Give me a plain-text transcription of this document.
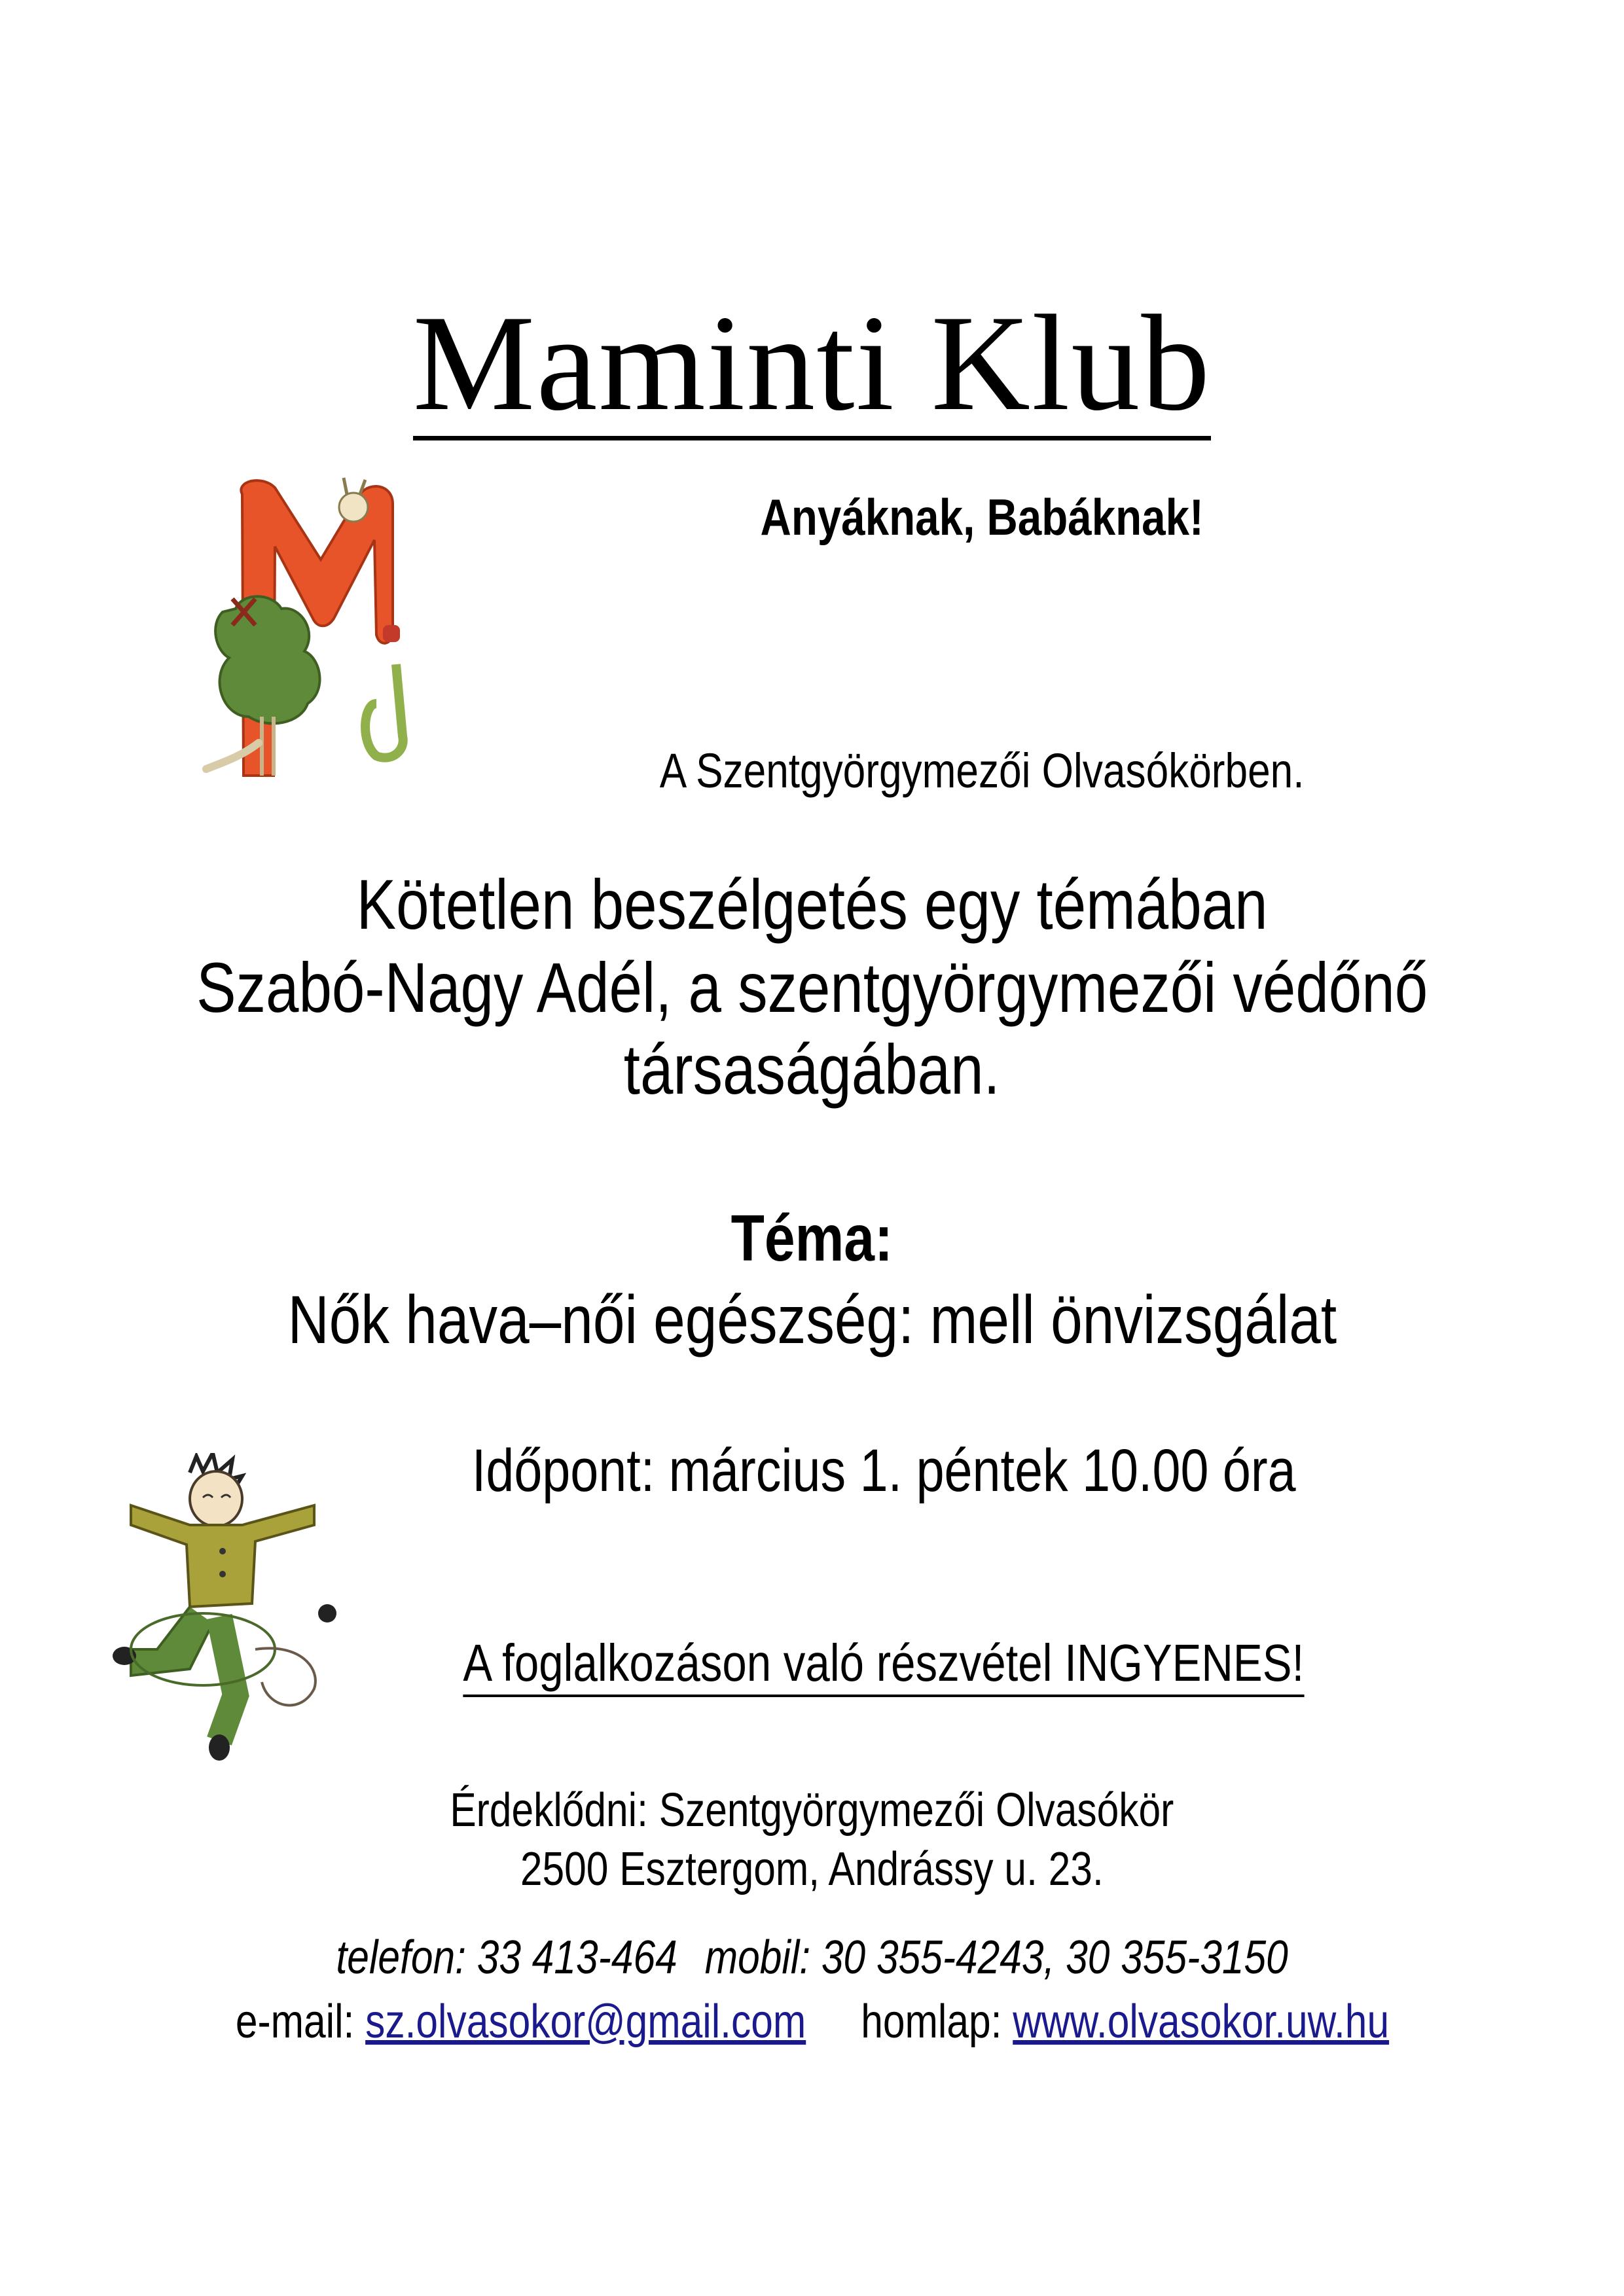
Maminti Klub
Anyáknak, Babáknak!
A Szentgyörgymezői Olvasókörben.
Kötetlen beszélgetés egy témában
Szabó-Nagy Adél, a szentgyörgymezői védőnő
társaságában.
Téma:
Nők hava–női egészség: mell önvizsgálat
Időpont: március 1. péntek 10.00 óra
A foglalkozáson való részvétel INGYENES!
Érdeklődni: Szentgyörgymezői Olvasókör
2500 Esztergom, Andrássy u. 23.
telefon: 33 413-464 mobil: 30 355-4243, 30 355-3150
e-mail: sz.olvasokor@gmail.com homlap: www.olvasokor.uw.hu
